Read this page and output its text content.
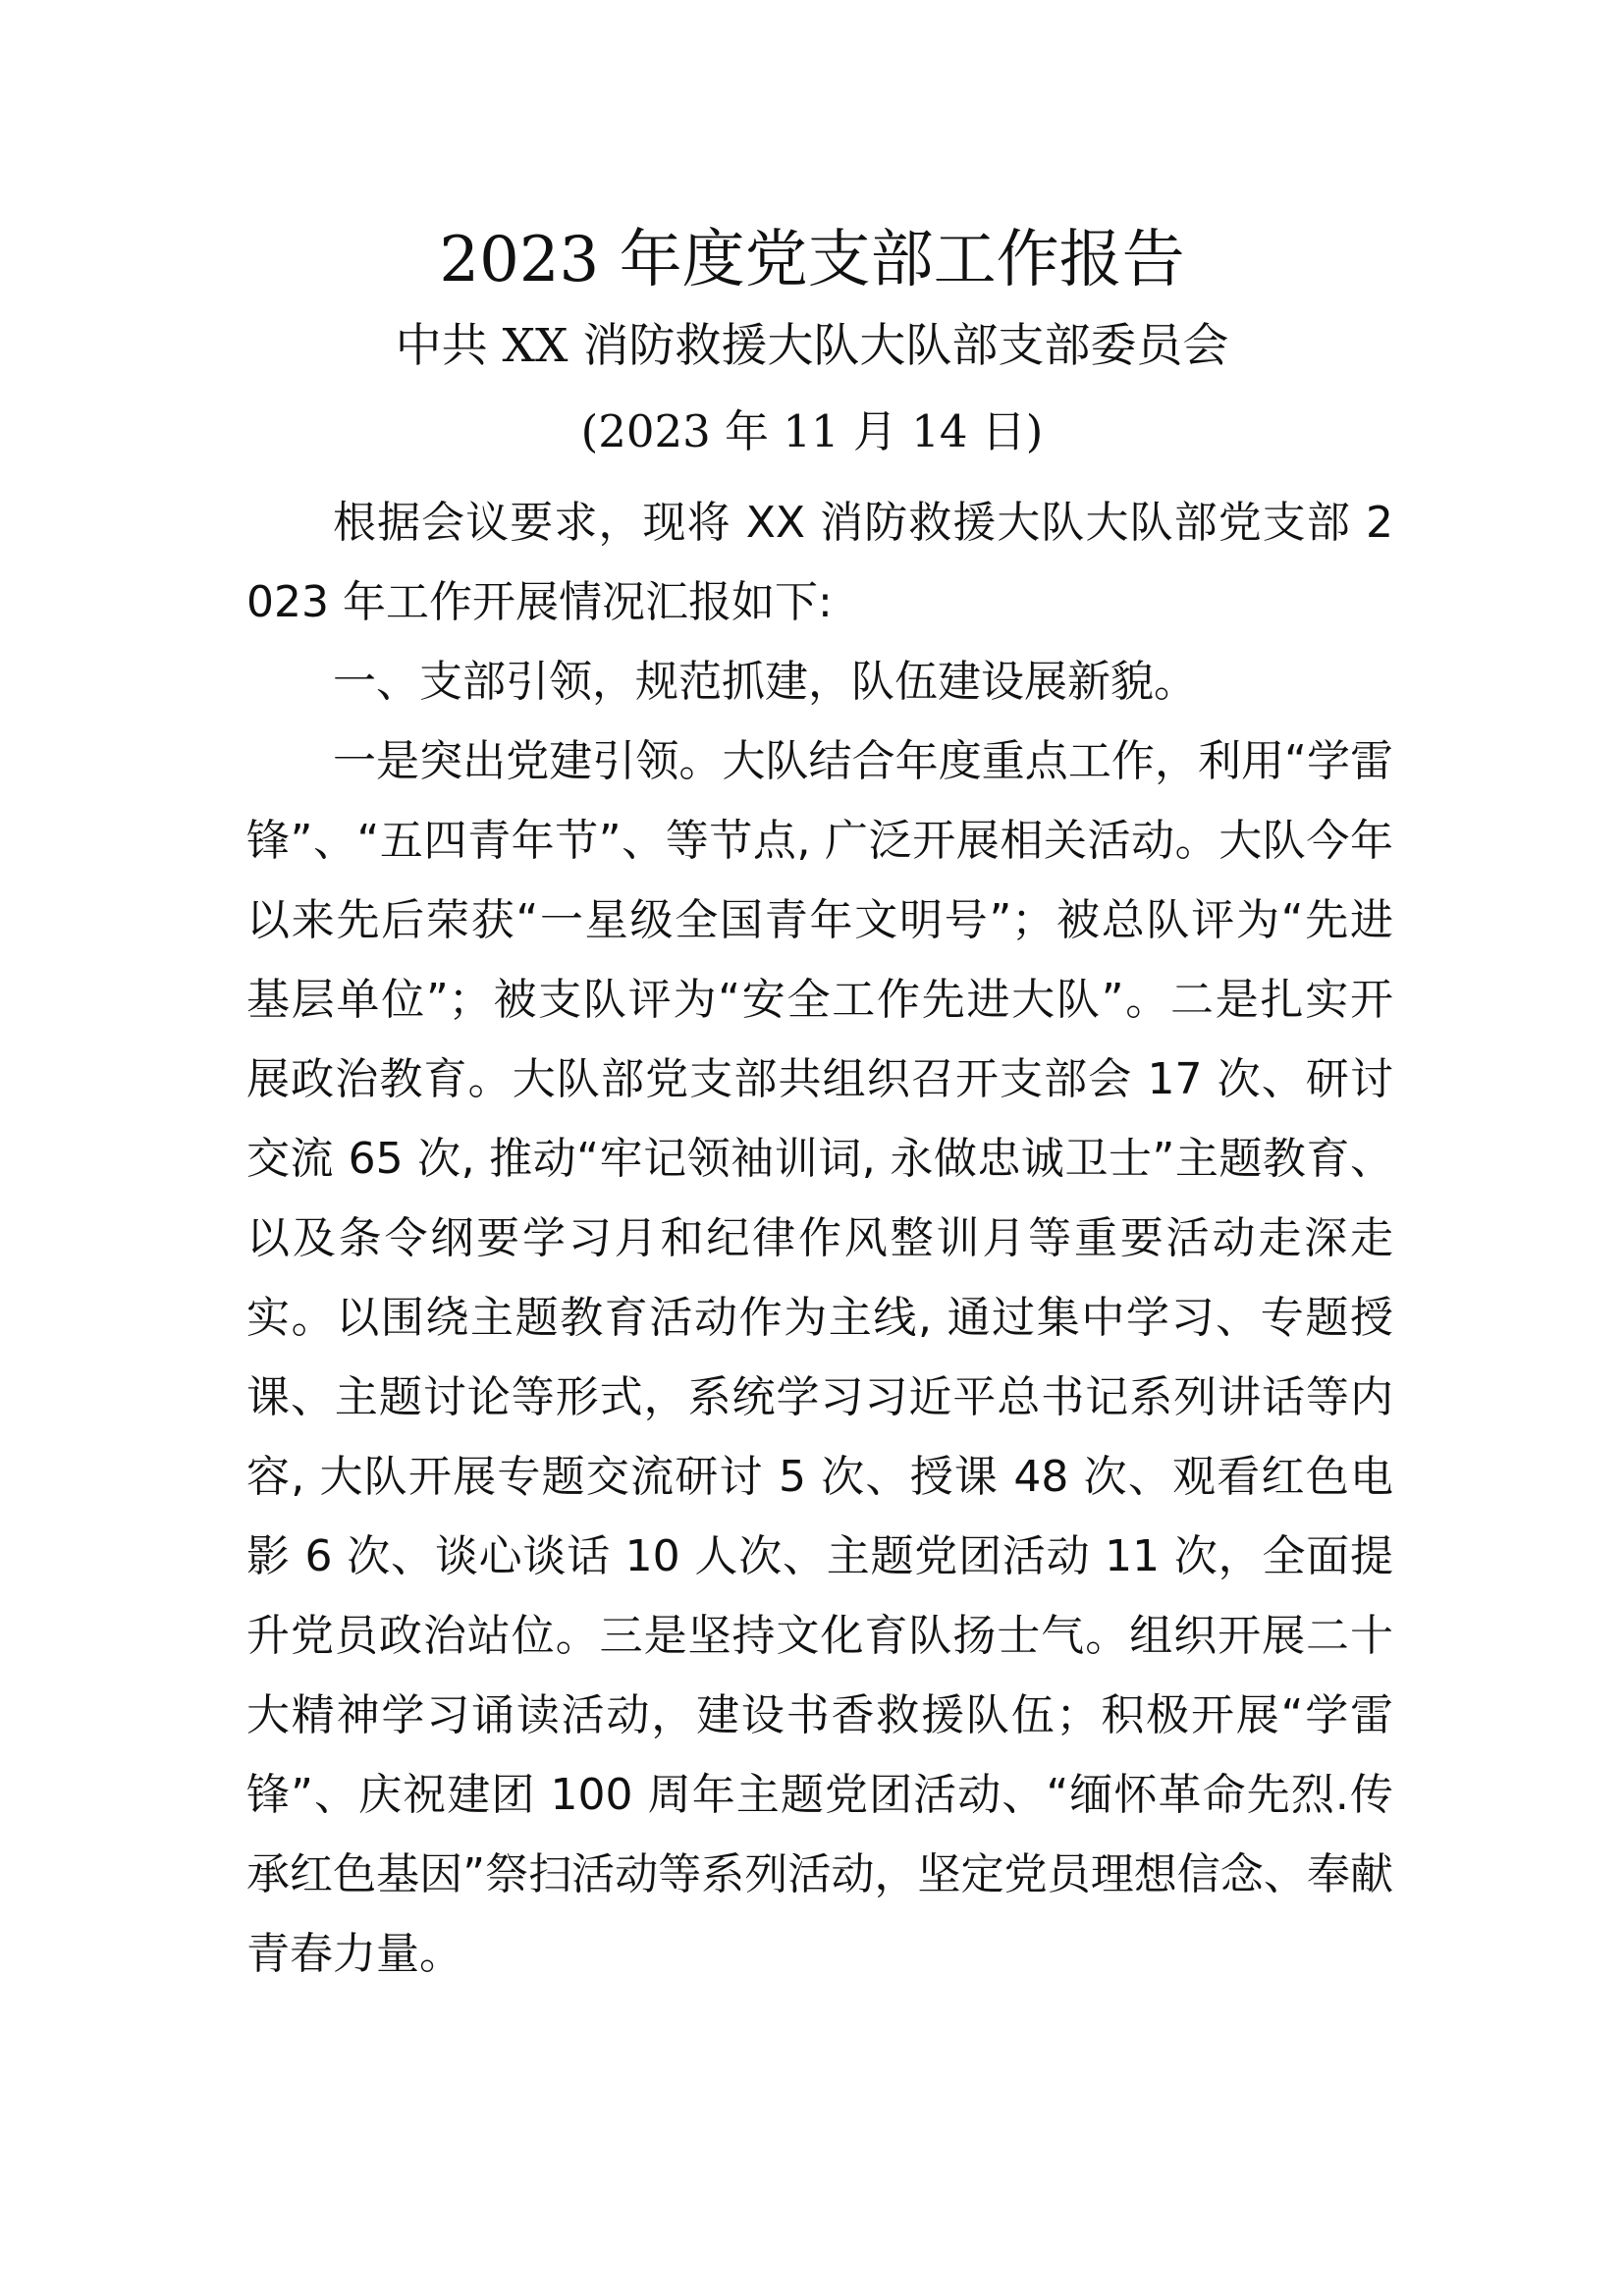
2023 年度党支部工作报告
中共 XX 消防救援大队大队部支部委员会
(2023 年 11 月 14 日)

根据会议要求，现将 XX 消防救援大队大队部党支部 2023 年工作开展情况汇报如下:

一、支部引领，规范抓建，队伍建设展新貌。

一是突出党建引领。大队结合年度重点工作，利用“学雷锋”、“五四青年节”、等节点, 广泛开展相关活动。大队今年以来先后荣获“一星级全国青年文明号”；被总队评为“先进基层单位”；被支队评为“安全工作先进大队”。二是扎实开展政治教育。大队部党支部共组织召开支部会 17 次、研讨交流 65 次, 推动“牢记领袖训词, 永做忠诚卫士”主题教育、以及条令纲要学习月和纪律作风整训月等重要活动走深走实。以围绕主题教育活动作为主线, 通过集中学习、专题授课、主题讨论等形式，系统学习习近平总书记系列讲话等内容, 大队开展专题交流研讨 5 次、授课 48 次、观看红色电影 6 次、谈心谈话 10 人次、主题党团活动 11 次，全面提升党员政治站位。三是坚持文化育队扬士气。组织开展二十大精神学习诵读活动，建设书香救援队伍；积极开展“学雷锋”、庆祝建团 100 周年主题党团活动、“缅怀革命先烈.传承红色基因”祭扫活动等系列活动，坚定党员理想信念、奉献青春力量。
